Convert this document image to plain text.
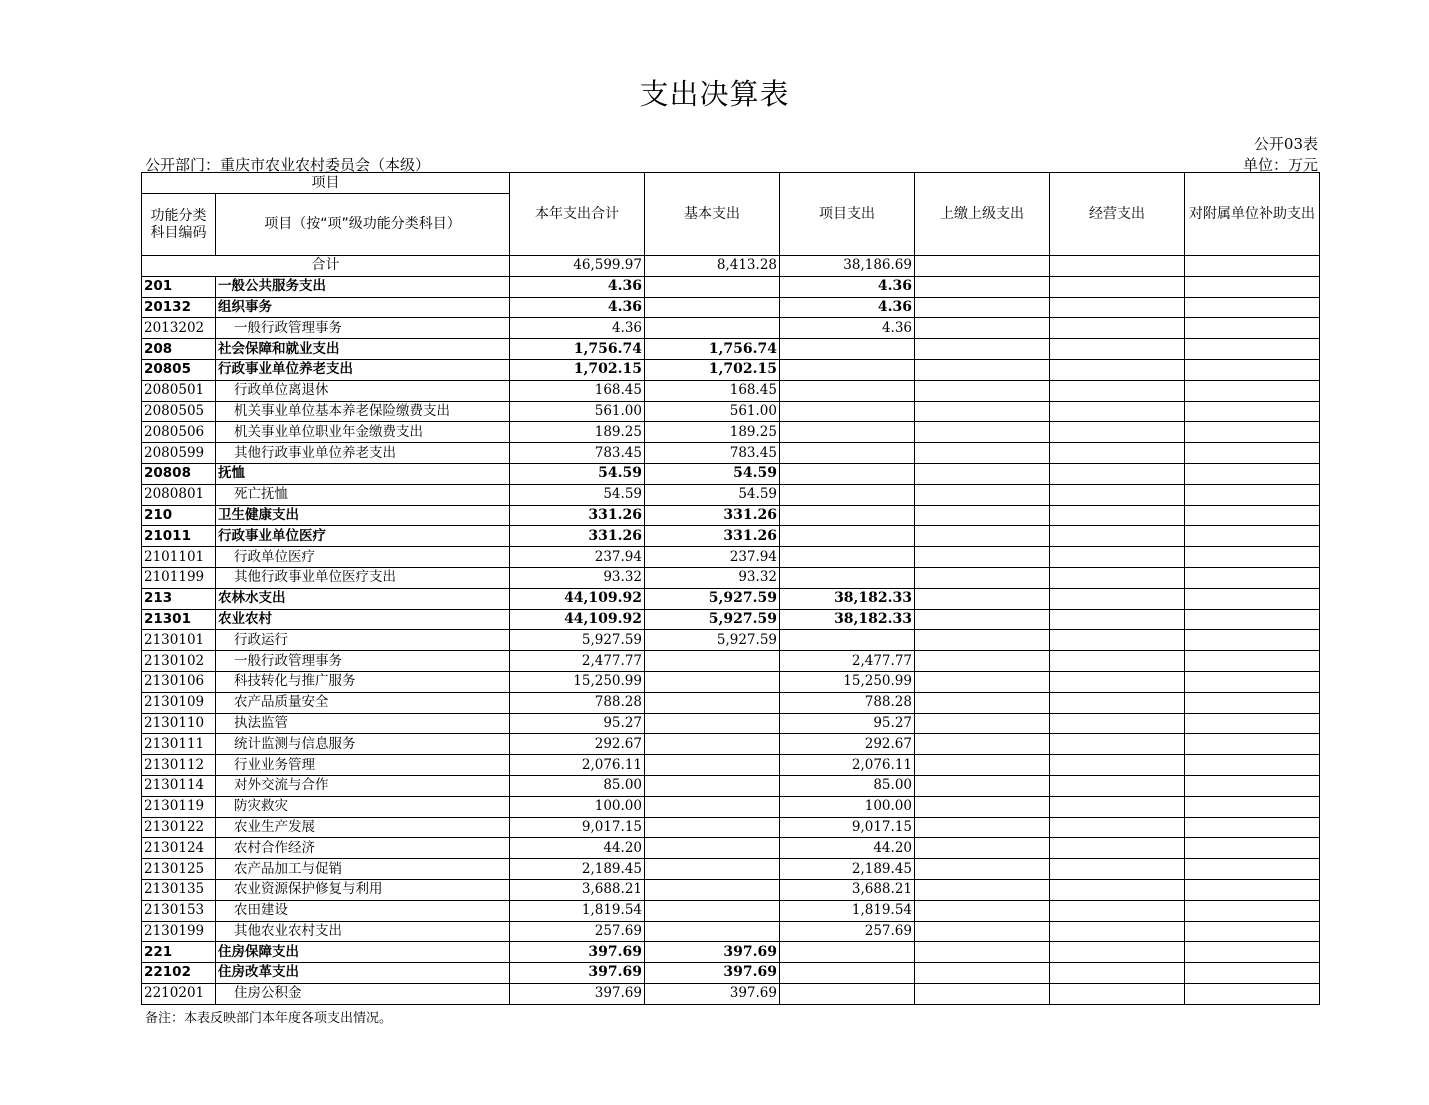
支出决算表
公开03表
公开部门：重庆市农业农村委员会（本级）	单位：万元
项目		本年支出合计	基本支出	项目支出	上缴上级支出	经营支出	对附属单位补助支出
功能分类科目编码	项目（按“项”级功能分类科目）						
合计		46,599.97	8,413.28	38,186.69			
201	一般公共服务支出	4.36		4.36			
20132	组织事务	4.36		4.36			
2013202	一般行政管理事务	4.36		4.36			
208	社会保障和就业支出	1,756.74	1,756.74				
20805	行政事业单位养老支出	1,702.15	1,702.15				
2080501	行政单位离退休	168.45	168.45				
2080505	机关事业单位基本养老保险缴费支出	561.00	561.00				
2080506	机关事业单位职业年金缴费支出	189.25	189.25				
2080599	其他行政事业单位养老支出	783.45	783.45				
20808	抚恤	54.59	54.59				
2080801	死亡抚恤	54.59	54.59				
210	卫生健康支出	331.26	331.26				
21011	行政事业单位医疗	331.26	331.26				
2101101	行政单位医疗	237.94	237.94				
2101199	其他行政事业单位医疗支出	93.32	93.32				
213	农林水支出	44,109.92	5,927.59	38,182.33			
21301	农业农村	44,109.92	5,927.59	38,182.33			
2130101	行政运行	5,927.59	5,927.59				
2130102	一般行政管理事务	2,477.77		2,477.77			
2130106	科技转化与推广服务	15,250.99		15,250.99			
2130109	农产品质量安全	788.28		788.28			
2130110	执法监管	95.27		95.27			
2130111	统计监测与信息服务	292.67		292.67			
2130112	行业业务管理	2,076.11		2,076.11			
2130114	对外交流与合作	85.00		85.00			
2130119	防灾救灾	100.00		100.00			
2130122	农业生产发展	9,017.15		9,017.15			
2130124	农村合作经济	44.20		44.20			
2130125	农产品加工与促销	2,189.45		2,189.45			
2130135	农业资源保护修复与利用	3,688.21		3,688.21			
2130153	农田建设	1,819.54		1,819.54			
2130199	其他农业农村支出	257.69		257.69			
221	住房保障支出	397.69	397.69				
22102	住房改革支出	397.69	397.69				
2210201	住房公积金	397.69	397.69				
备注：本表反映部门本年度各项支出情况。
